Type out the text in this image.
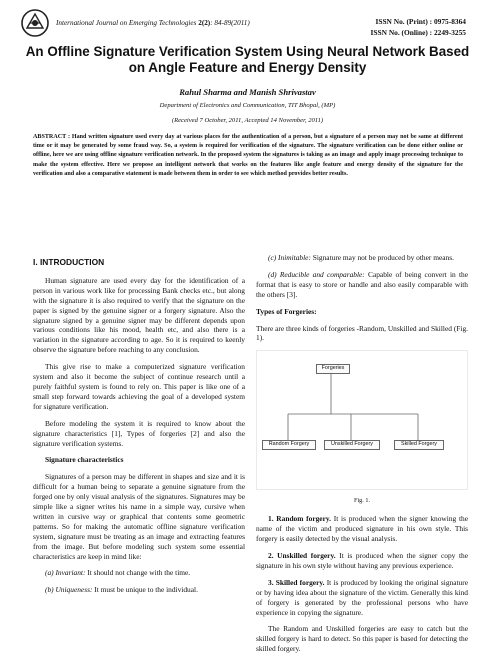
International Journal on Emerging Technologies 2(2): 84-89(2011)	ISSN No. (Print) : 0975-8364
ISSN No. (Online) : 2249-3255
An Offline Signature Verification System Using Neural Network Based on Angle Feature and Energy Density
Rahul Sharma and Manish Shrivastav
Department of Electronics and Communication, TIT Bhopal, (MP)
(Received 7 October, 2011, Accepted 14 November, 2011)
ABSTRACT : Hand written signature used every day at various places for the authentication of a person, but a signature of a person may not be same at different time or it may be generated by some fraud way. So, a system is required for verification of the signature. The signature verification can be done either online or offline, here we are using offline signature verification network. In the proposed system the signatures is taking as an image and apply image processing technique to make the system effective. Here we propose an intelligent network that works on the features like angle feature and energy density of the signature for the verification and also a comparative statement is made between them in order to see which method provides better results.
I. INTRODUCTION

Human signature are used every day for the identification of a person in various work like for processing Bank checks etc., but along with the signature it is also required to verify that the signature on the paper is signed by the genuine signer or a forgery signature. Also the signature signed by a genuine signer may be different depends upon various conditions like his mood, health etc, and also there is a variation in the signature according to age. So it is required to keenly observe the signature before reaching to any conclusion.

This give rise to make a computerized signature verification system and also it become the subject of continue research until a purely faithful system is found to rely on. This paper is like one of a small step forward towards achieving the goal of a developed system for signature verification.

Before modeling the system it is required to know about the signature characteristics [1], Types of forgeries [2] and also the signature verification systems.

Signature characteristics

Signatures of a person may be different in shapes and size and it is difficult for a human being to separate a genuine signature from the forged one by only visual analysis of the signatures. Signatures may be simple like a signer writes his name in a simple way, cursive when written in cursive way or graphical that contents some geometric patterns. So for making the automatic offline signature verification system, signature must be treating as an image and extracting features from the image. But before modeling such system some essential characteristics are keep in mind like:

(a) Invariant: It should not change with the time.

(b) Uniqueness: It must be unique to the individual.

(c) Inimitable: Signature may not be produced by other means.

(d) Reducible and comparable: Capable of being convert in the format that is easy to store or handle and also easily comparable with the others [3].

Types of Forgeries:

There are three kinds of forgeries -Random, Unskilled and Skilled (Fig. 1).

Forgeries
Random Forgery	Unskilled Forgery	Skilled Forgery
Fig. 1.

1. Random forgery. It is produced when the signer knowing the name of the victim and produced signature in his own style. This forgery is easily detected by the visual analysis.

2. Unskilled forgery. It is produced when the signer copy the signature in his own style without having any previous experience.

3. Skilled forgery. It is produced by looking the original signature or by having idea about the signature of the victim. Generally this kind of forgery is generated by the professional persons who have experience in copying the signature.

The Random and Unskilled forgeries are easy to catch but the skilled forgery is hard to detect. So this paper is based for detecting the skilled forgery.
